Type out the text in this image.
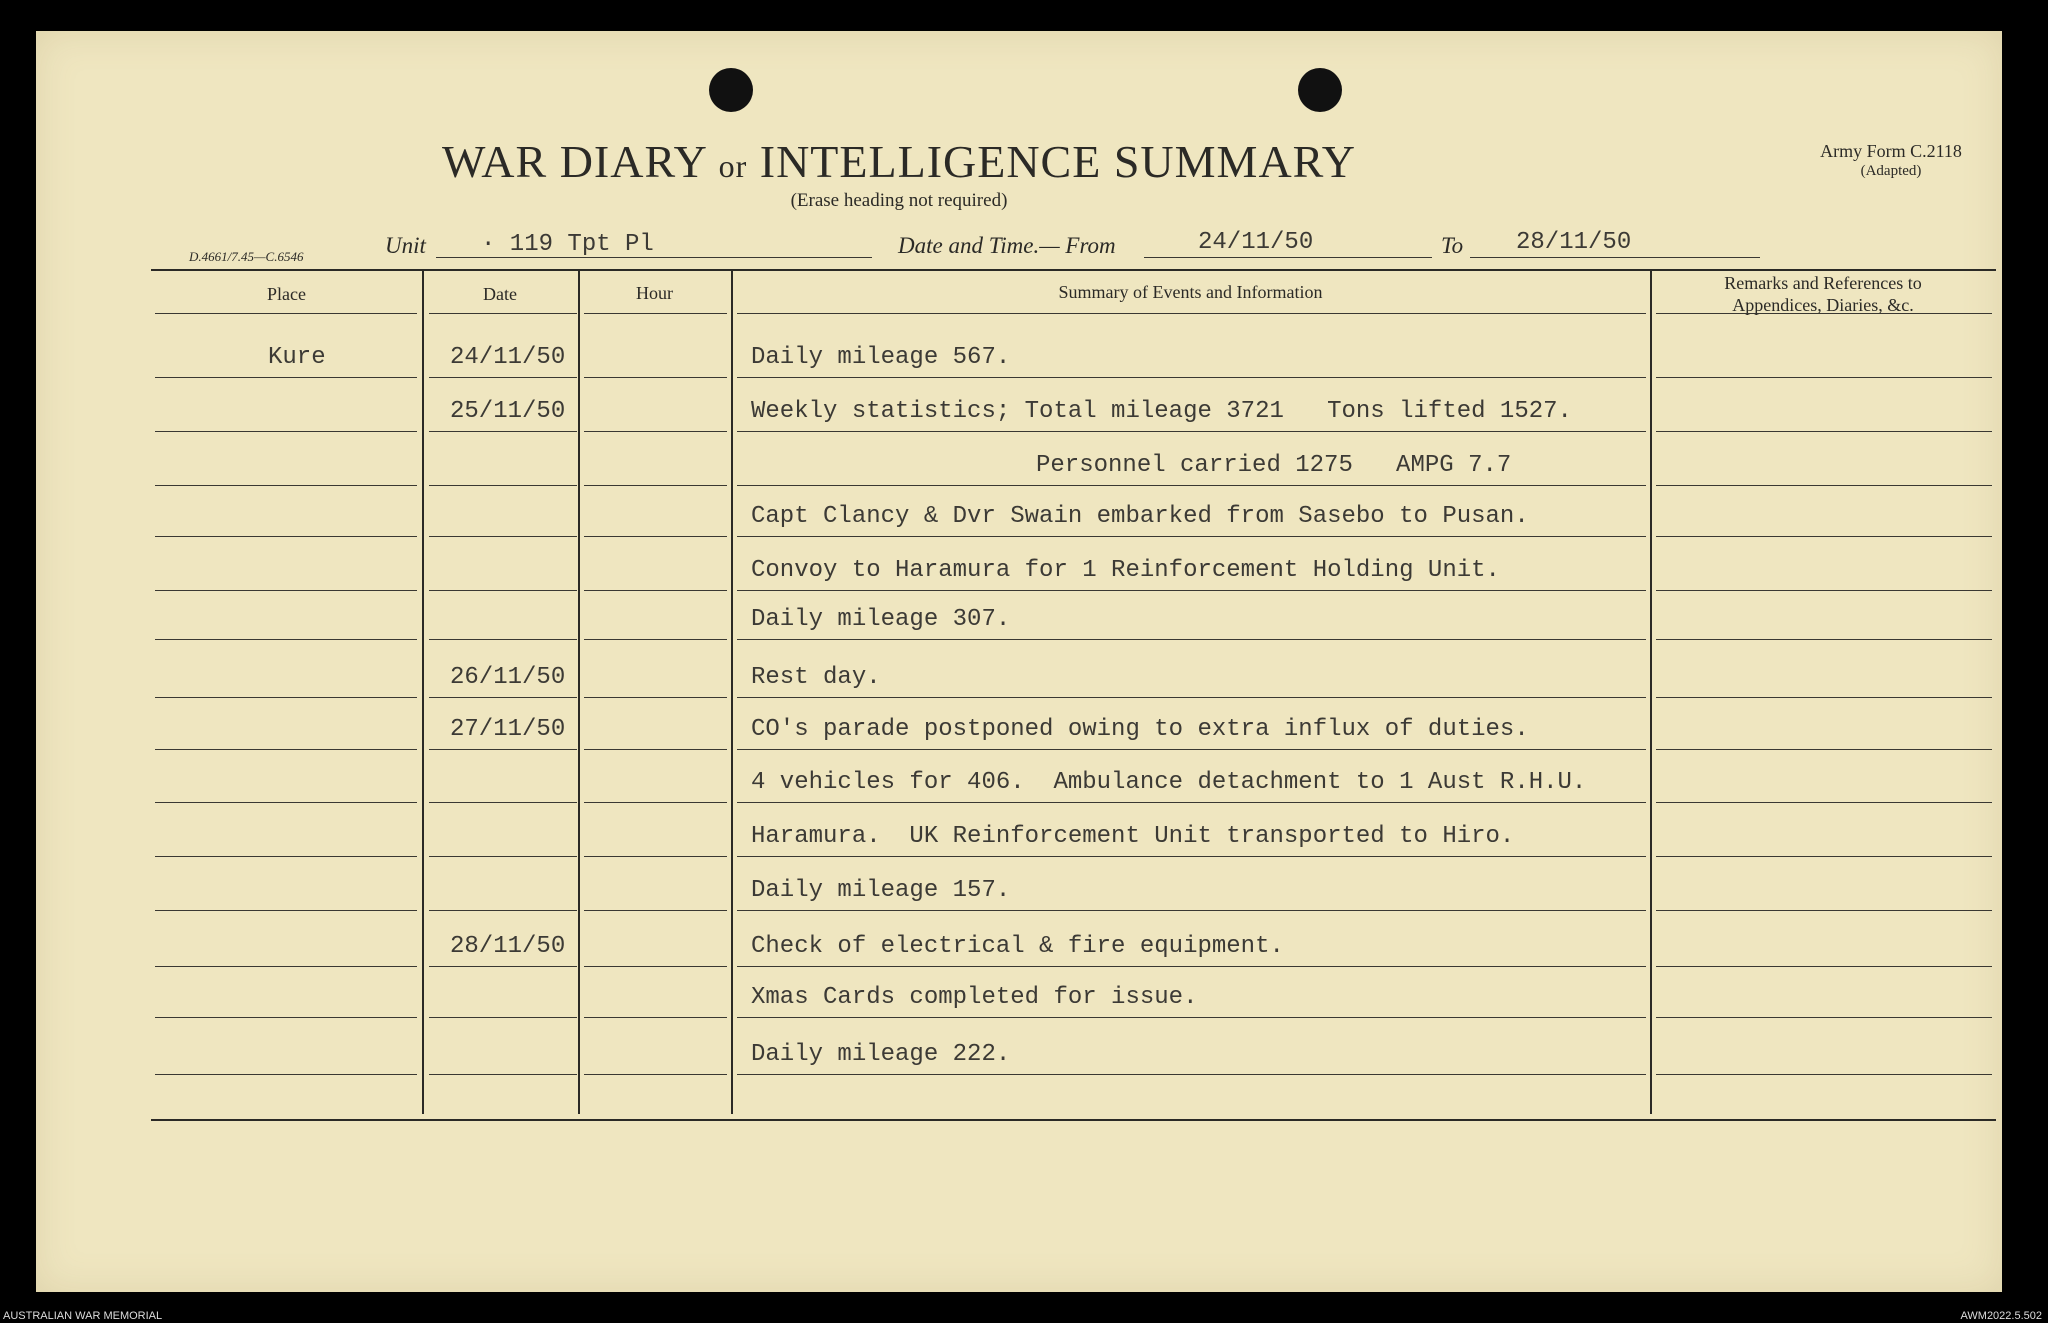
WAR DIARY or INTELLIGENCE SUMMARY
(Erase heading not required)
Army Form C.2118
(Adapted)
D.4661/7.45—C.6546	Unit · 119 Tpt Pl	Date and Time.— From	24/11/50	To 28/11/50
Place	Date	Hour	Summary of Events and Information	Remarks and References to
Appendices, Diaries, &c.
Kure	24/11/50	Daily mileage 567.
25/11/50	Weekly statistics; Total mileage 3721   Tons lifted 1527.
Personnel carried 1275   AMPG 7.7
Capt Clancy & Dvr Swain embarked from Sasebo to Pusan.
Convoy to Haramura for 1 Reinforcement Holding Unit.
Daily mileage 307.
26/11/50	Rest day.
27/11/50	CO's parade postponed owing to extra influx of duties.
4 vehicles for 406.  Ambulance detachment to 1 Aust R.H.U.
Haramura.  UK Reinforcement Unit transported to Hiro.
Daily mileage 157.
28/11/50	Check of electrical & fire equipment.
Xmas Cards completed for issue.
Daily mileage 222.
AUSTRALIAN WAR MEMORIAL	AWM2022.5.502
